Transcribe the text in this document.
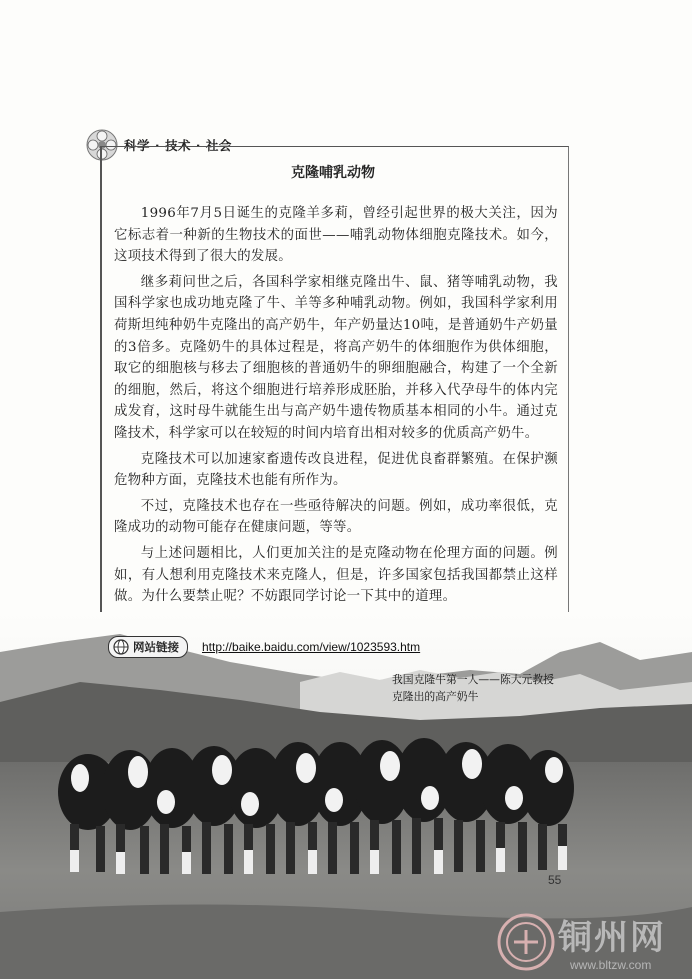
科学 · 技术 · 社会
克隆哺乳动物

1996年7月5日诞生的克隆羊多莉，曾经引起世界的极大关注，因为它标志着一种新的生物技术的面世——哺乳动物体细胞克隆技术。如今，这项技术得到了很大的发展。

继多莉问世之后，各国科学家相继克隆出牛、鼠、猪等哺乳动物，我国科学家也成功地克隆了牛、羊等多种哺乳动物。例如，我国科学家利用荷斯坦纯种奶牛克隆出的高产奶牛，年产奶量达10吨，是普通奶牛产奶量的3倍多。克隆奶牛的具体过程是，将高产奶牛的体细胞作为供体细胞，取它的细胞核与移去了细胞核的普通奶牛的卵细胞融合，构建了一个全新的细胞，然后，将这个细胞进行培养形成胚胎，并移入代孕母牛的体内完成发育，这时母牛就能生出与高产奶牛遗传物质基本相同的小牛。通过克隆技术，科学家可以在较短的时间内培育出相对较多的优质高产奶牛。

克隆技术可以加速家畜遗传改良进程，促进优良畜群繁殖。在保护濒危物种方面，克隆技术也能有所作为。

不过，克隆技术也存在一些亟待解决的问题。例如，成功率很低，克隆成功的动物可能存在健康问题，等等。

与上述问题相比，人们更加关注的是克隆动物在伦理方面的问题。例如，有人想利用克隆技术来克隆人，但是，许多国家包括我国都禁止这样做。为什么要禁止呢？不妨跟同学讨论一下其中的道理。

网站链接 http://baike.baidu.com/view/1023593.htm
我国克隆牛第一人——陈大元教授
克隆出的高产奶牛
55
铜州网
www.bltzw.com
